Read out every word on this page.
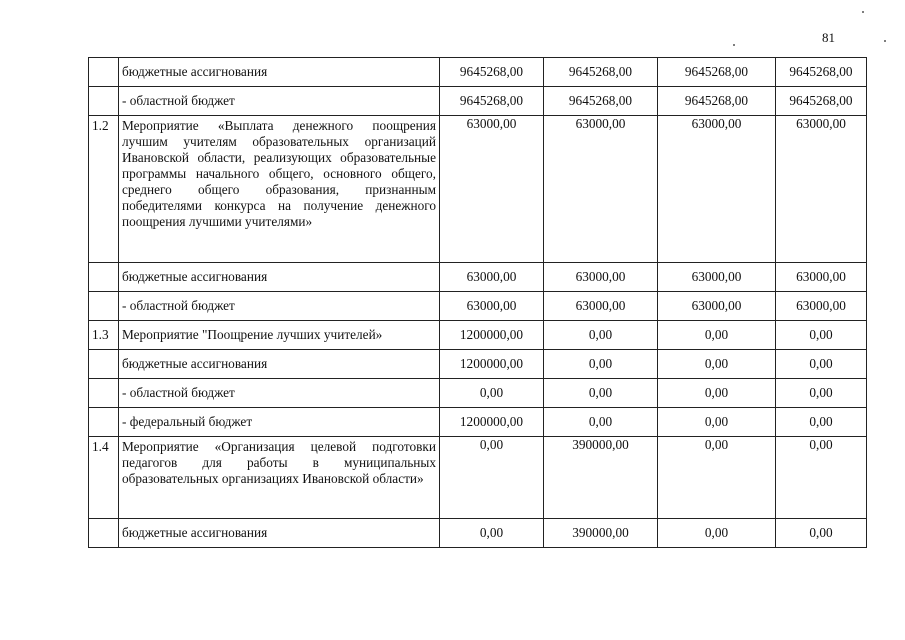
81
	бюджетные ассигнования	9645268,00	9645268,00	9645268,00	9645268,00
	- областной бюджет	9645268,00	9645268,00	9645268,00	9645268,00
1.2	Мероприятие «Выплата денежного поощрения лучшим учителям образовательных организаций Ивановской области, реализующих образовательные программы начального общего, основного общего, среднего общего образования, признанным победителями конкурса на получение денежного поощрения лучшими учителями»	63000,00	63000,00	63000,00	63000,00
	бюджетные ассигнования	63000,00	63000,00	63000,00	63000,00
	- областной бюджет	63000,00	63000,00	63000,00	63000,00
1.3	Мероприятие "Поощрение лучших учителей»	1200000,00	0,00	0,00	0,00
	бюджетные ассигнования	1200000,00	0,00	0,00	0,00
	- областной бюджет	0,00	0,00	0,00	0,00
	- федеральный бюджет	1200000,00	0,00	0,00	0,00
1.4	Мероприятие «Организация целевой подготовки педагогов для работы в муниципальных образовательных организациях Ивановской области»	0,00	390000,00	0,00	0,00
	бюджетные ассигнования	0,00	390000,00	0,00	0,00
